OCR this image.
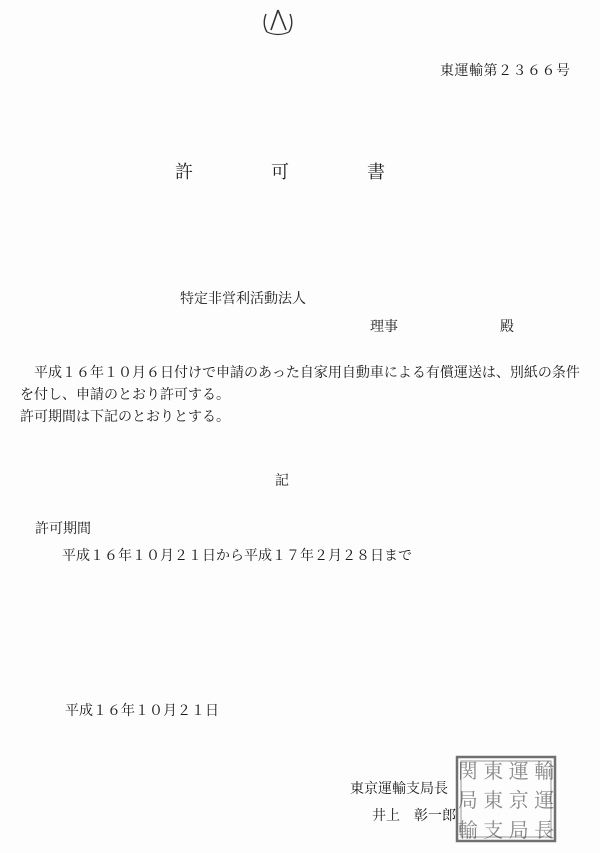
東運輸第２３６６号
許	可	書
特定非営利活動法人
理事	殿

平成１６年１０月６日付けで申請のあった自家用自動車による有償運送は、別紙の条件を付し、申請のとおり許可する。

許可期間は下記のとおりとする。

記
許可期間
平成１６年１０月２１日から平成１７年２月２８日まで
平成１６年１０月２１日
東京運輸支局長
井上　彰一郎
関 東 運 輸
局 東 京 運
輸 支 局 長
